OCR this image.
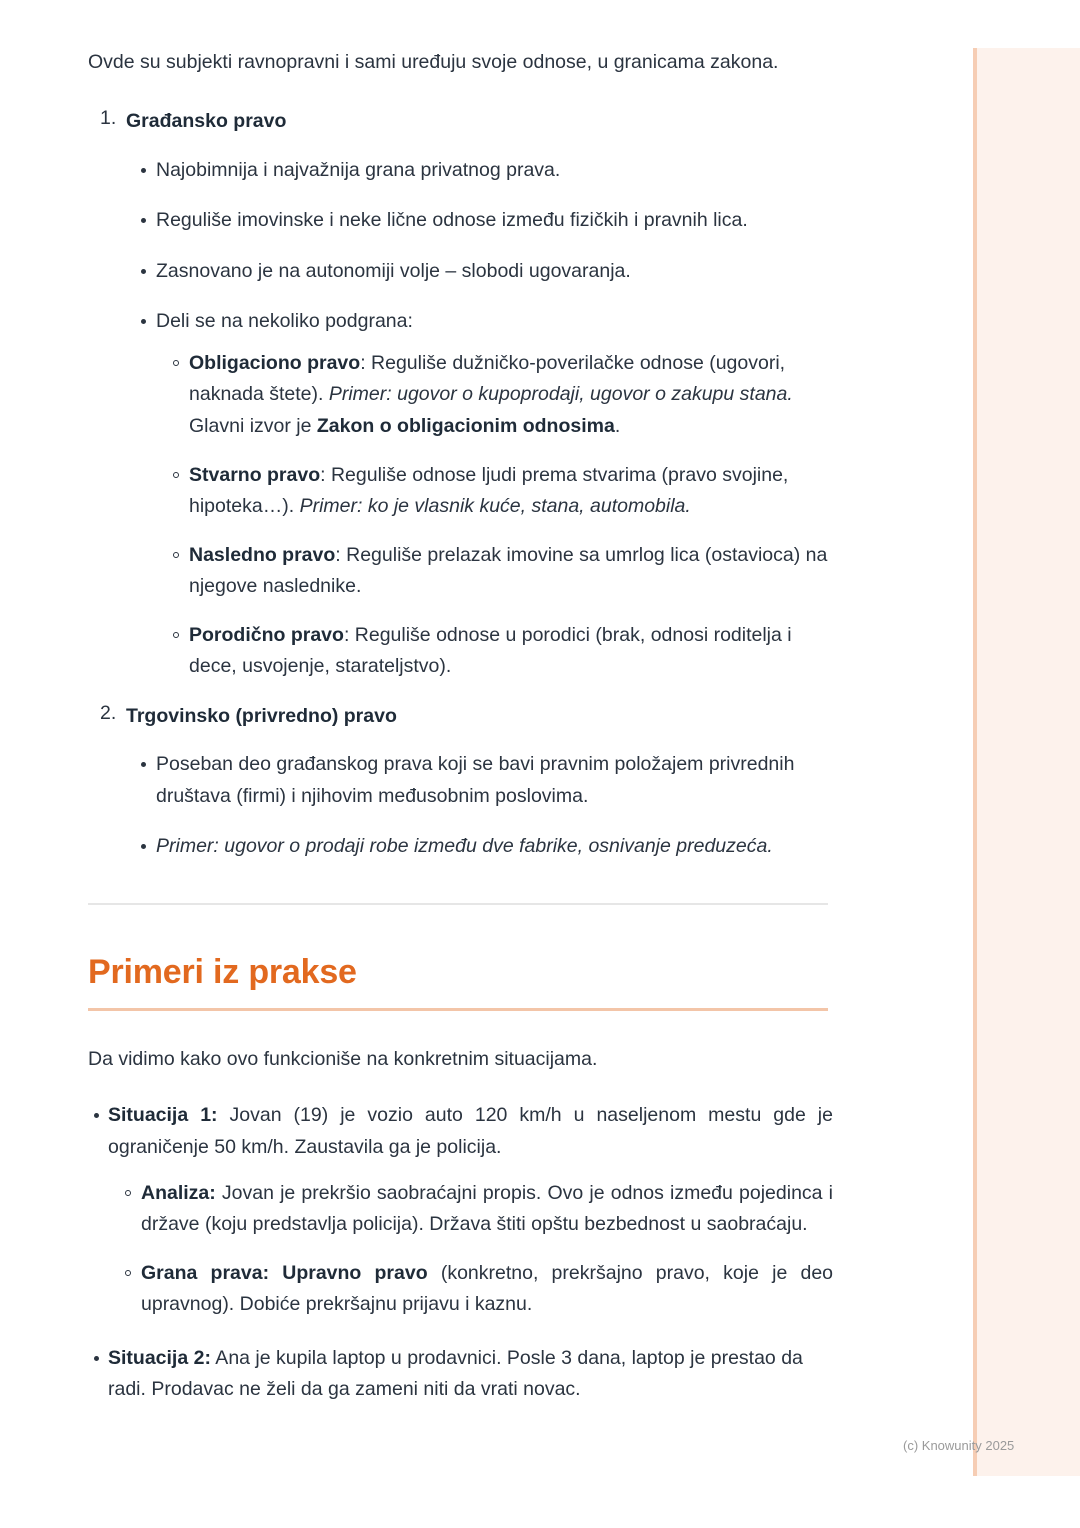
Ovde su subjekti ravnopravni i sami uređuju svoje odnose, u granicama zakona.

Građansko pravo
Najobimnija i najvažnija grana privatnog prava.
Reguliše imovinske i neke lične odnose između fizičkih i pravnih lica.
Zasnovano je na autonomiji volje – slobodi ugovaranja.
Deli se na nekoliko podgrana:
Obligaciono pravo: Reguliše dužničko-poverilačke odnose (ugovori, naknada štete). Primer: ugovor o kupoprodaji, ugovor o zakupu stana. Glavni izvor je Zakon o obligacionim odnosima.
Stvarno pravo: Reguliše odnose ljudi prema stvarima (pravo svojine, hipoteka…). Primer: ko je vlasnik kuće, stana, automobila.
Nasledno pravo: Reguliše prelazak imovine sa umrlog lica (ostavioca) na njegove naslednike.
Porodično pravo: Reguliše odnose u porodici (brak, odnosi roditelja i dece, usvojenje, starateljstvo).
Trgovinsko (privredno) pravo
Poseban deo građanskog prava koji se bavi pravnim položajem privrednih društava (firmi) i njihovim međusobnim poslovima.
Primer: ugovor o prodaji robe između dve fabrike, osnivanje preduzeća.
Primeri iz prakse

Da vidimo kako ovo funkcioniše na konkretnim situacijama.

Situacija 1: Jovan (19) je vozio auto 120 km/h u naseljenom mestu gde je ograničenje 50 km/h. Zaustavila ga je policija.
Analiza: Jovan je prekršio saobraćajni propis. Ovo je odnos između pojedinca i države (koju predstavlja policija). Država štiti opštu bezbednost u saobraćaju.
Grana prava: Upravno pravo (konkretno, prekršajno pravo, koje je deo upravnog). Dobiće prekršajnu prijavu i kaznu.
Situacija 2: Ana je kupila laptop u prodavnici. Posle 3 dana, laptop je prestao da radi. Prodavac ne želi da ga zameni niti da vrati novac.
(c) Knowunity 2025
